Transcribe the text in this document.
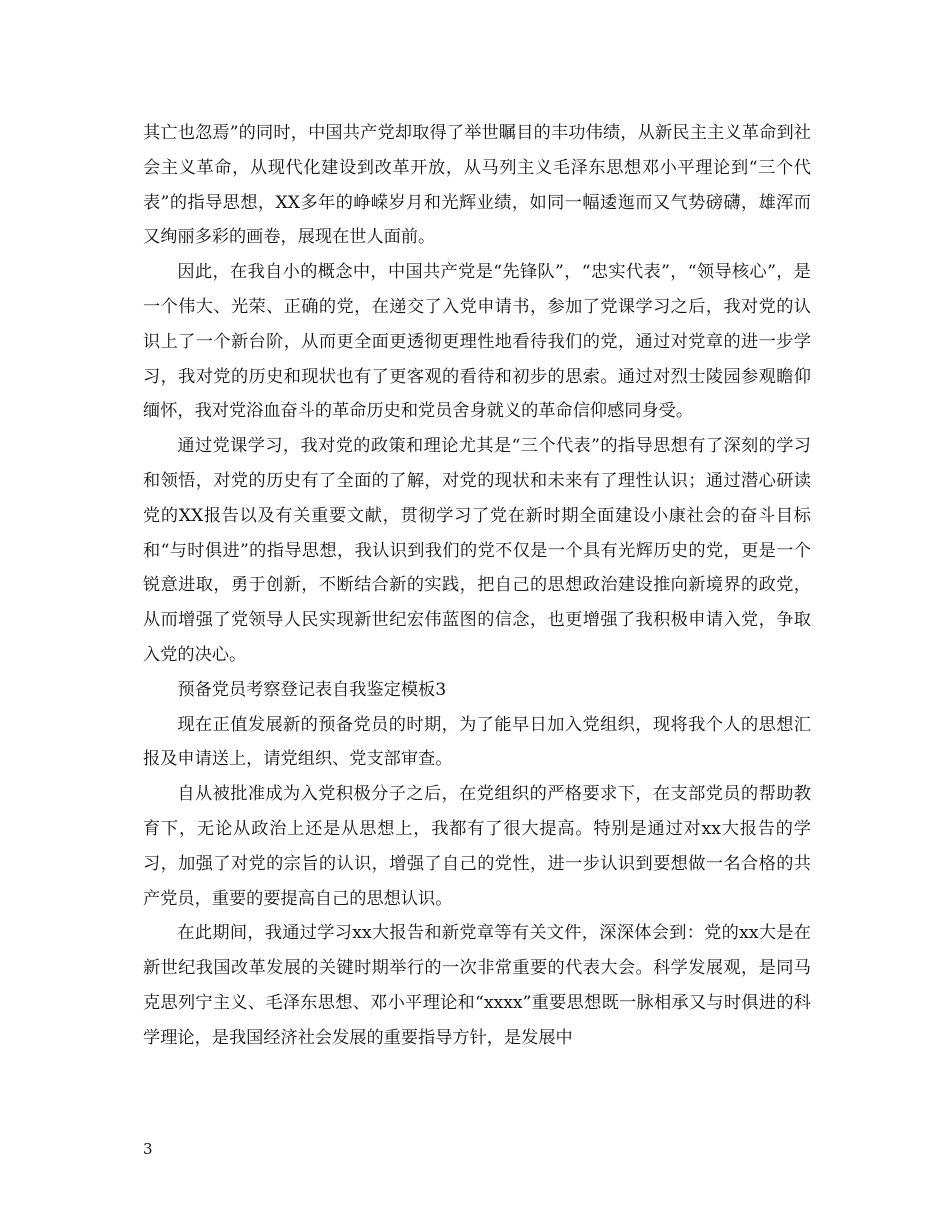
其亡也忽焉”的同时，中国共产党却取得了举世瞩目的丰功伟绩，从新民主主义革命到社会主义革命，从现代化建设到改革开放，从马列主义毛泽东思想邓小平理论到“三个代表”的指导思想，XX多年的峥嵘岁月和光辉业绩，如同一幅逶迤而又气势磅礴，雄浑而又绚丽多彩的画卷，展现在世人面前。

因此，在我自小的概念中，中国共产党是“先锋队”，“忠实代表”，“领导核心”，是一个伟大、光荣、正确的党，在递交了入党申请书，参加了党课学习之后，我对党的认识上了一个新台阶，从而更全面更透彻更理性地看待我们的党，通过对党章的进一步学习，我对党的历史和现状也有了更客观的看待和初步的思索。通过对烈士陵园参观瞻仰缅怀，我对党浴血奋斗的革命历史和党员舍身就义的革命信仰感同身受。

通过党课学习，我对党的政策和理论尤其是“三个代表”的指导思想有了深刻的学习和领悟，对党的历史有了全面的了解，对党的现状和未来有了理性认识；通过潜心研读党的XX报告以及有关重要文献，贯彻学习了党在新时期全面建设小康社会的奋斗目标和“与时俱进”的指导思想，我认识到我们的党不仅是一个具有光辉历史的党，更是一个锐意进取，勇于创新，不断结合新的实践，把自己的思想政治建设推向新境界的政党，从而增强了党领导人民实现新世纪宏伟蓝图的信念，也更增强了我积极申请入党，争取入党的决心。

预备党员考察登记表自我鉴定模板3

现在正值发展新的预备党员的时期，为了能早日加入党组织，现将我个人的思想汇报及申请送上，请党组织、党支部审查。

自从被批准成为入党积极分子之后，在党组织的严格要求下，在支部党员的帮助教育下，无论从政治上还是从思想上，我都有了很大提高。特别是通过对xx大报告的学习，加强了对党的宗旨的认识，增强了自己的党性，进一步认识到要想做一名合格的共产党员，重要的要提高自己的思想认识。

在此期间，我通过学习xx大报告和新党章等有关文件，深深体会到：党的xx大是在新世纪我国改革发展的关键时期举行的一次非常重要的代表大会。科学发展观，是同马克思列宁主义、毛泽东思想、邓小平理论和“xxxx”重要思想既一脉相承又与时俱进的科学理论，是我国经济社会发展的重要指导方针，是发展中

3
